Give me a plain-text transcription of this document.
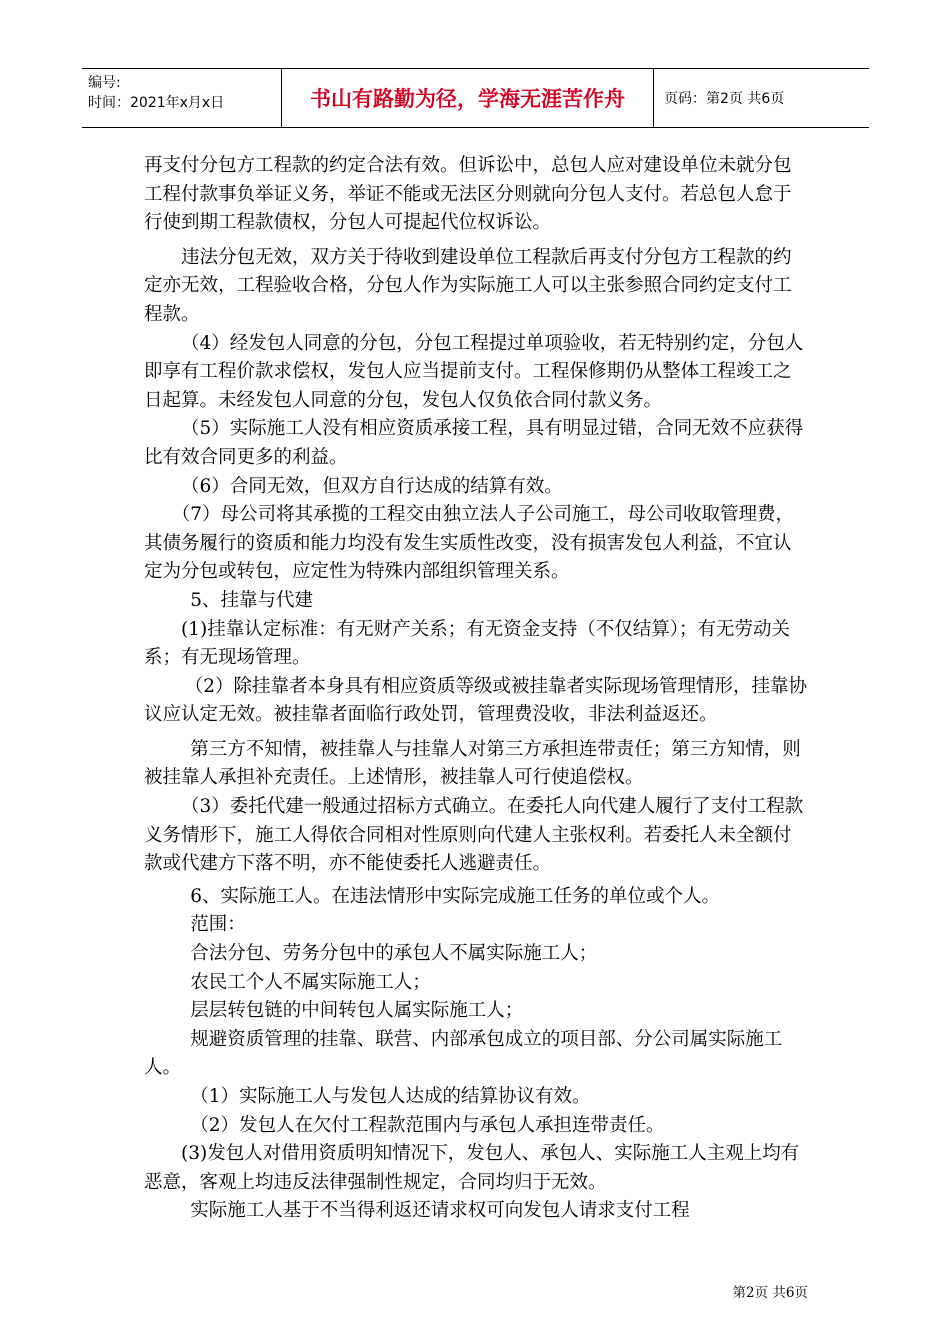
编号:
时间：2021年x月x日	书山有路勤为径，学海无涯苦作舟	页码：第2页 共6页

再支付分包方工程款的约定合法有效。但诉讼中，总包人应对建设单位未就分包工程付款事负举证义务，举证不能或无法区分则就向分包人支付。若总包人怠于行使到期工程款债权，分包人可提起代位权诉讼。

违法分包无效，双方关于待收到建设单位工程款后再支付分包方工程款的约定亦无效，工程验收合格，分包人作为实际施工人可以主张参照合同约定支付工程款。

（4）经发包人同意的分包，分包工程提过单项验收，若无特别约定，分包人即享有工程价款求偿权，发包人应当提前支付。工程保修期仍从整体工程竣工之日起算。未经发包人同意的分包，发包人仅负依合同付款义务。

（5）实际施工人没有相应资质承接工程，具有明显过错，合同无效不应获得比有效合同更多的利益。

（6）合同无效，但双方自行达成的结算有效。

（7）母公司将其承揽的工程交由独立法人子公司施工，母公司收取管理费，其债务履行的资质和能力均没有发生实质性改变，没有损害发包人利益，不宜认定为分包或转包，应定性为特殊内部组织管理关系。

5、挂靠与代建

(1)挂靠认定标准：有无财产关系；有无资金支持（不仅结算）；有无劳动关系；有无现场管理。

（2）除挂靠者本身具有相应资质等级或被挂靠者实际现场管理情形，挂靠协议应认定无效。被挂靠者面临行政处罚，管理费没收，非法利益返还。

第三方不知情，被挂靠人与挂靠人对第三方承担连带责任；第三方知情，则被挂靠人承担补充责任。上述情形，被挂靠人可行使追偿权。

（3）委托代建一般通过招标方式确立。在委托人向代建人履行了支付工程款义务情形下，施工人得依合同相对性原则向代建人主张权利。若委托人未全额付款或代建方下落不明，亦不能使委托人逃避责任。

6、实际施工人。在违法情形中实际完成施工任务的单位或个人。

范围：

合法分包、劳务分包中的承包人不属实际施工人；

农民工个人不属实际施工人；

层层转包链的中间转包人属实际施工人；

规避资质管理的挂靠、联营、内部承包成立的项目部、分公司属实际施工人。

（1）实际施工人与发包人达成的结算协议有效。

（2）发包人在欠付工程款范围内与承包人承担连带责任。

(3)发包人对借用资质明知情况下，发包人、承包人、实际施工人主观上均有恶意，客观上均违反法律强制性规定，合同均归于无效。

实际施工人基于不当得利返还请求权可向发包人请求支付工程

第2页 共6页
